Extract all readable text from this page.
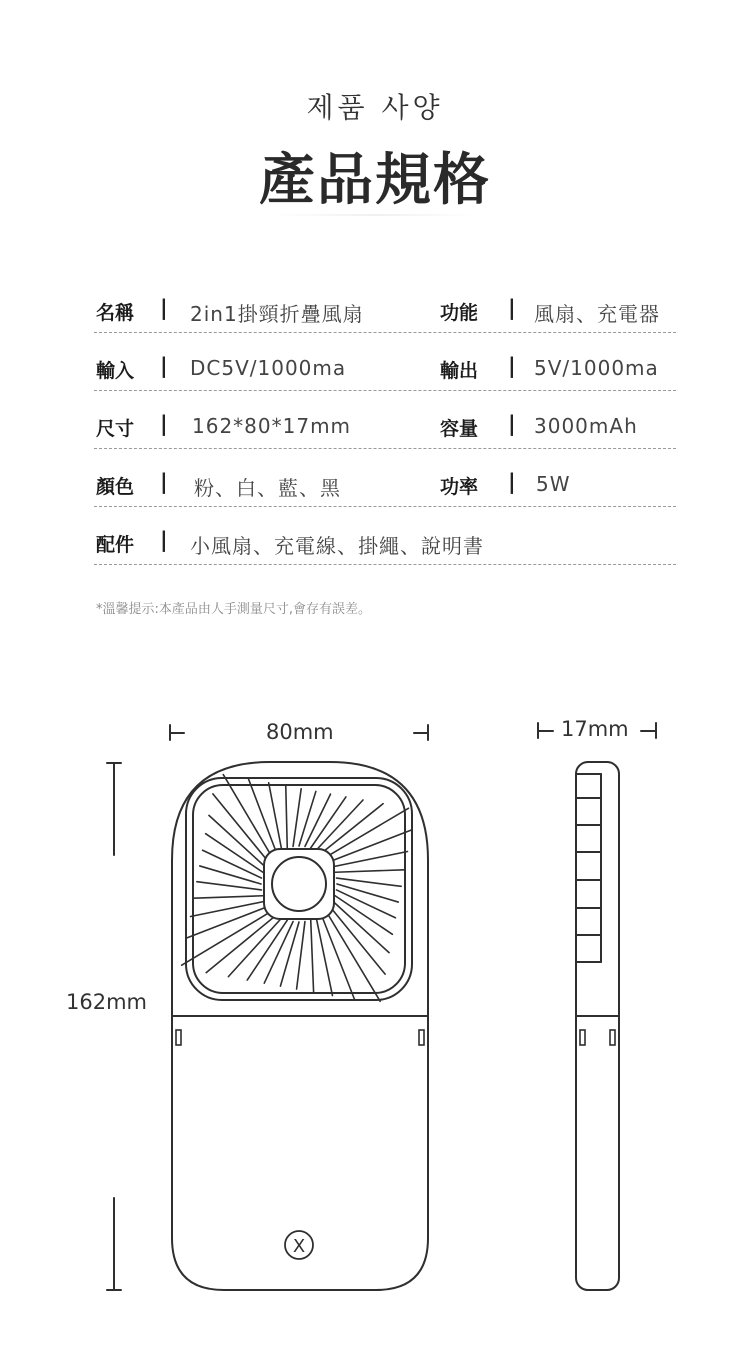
제품 사양
產品規格
名稱 | 2in1掛頸折疊風扇	功能 | 風扇、充電器
輸入 | DC5V/1000ma	輸出 | 5V/1000ma
尺寸 | 162*80*17mm	容量 | 3000mAh
顏色 | 粉、白、藍、黑	功率 | 5W
配件 | 小風扇、充電線、掛繩、說明書
*溫馨提示:本產品由人手測量尺寸,會存有誤差。
80mm	17mm
162mm
X
